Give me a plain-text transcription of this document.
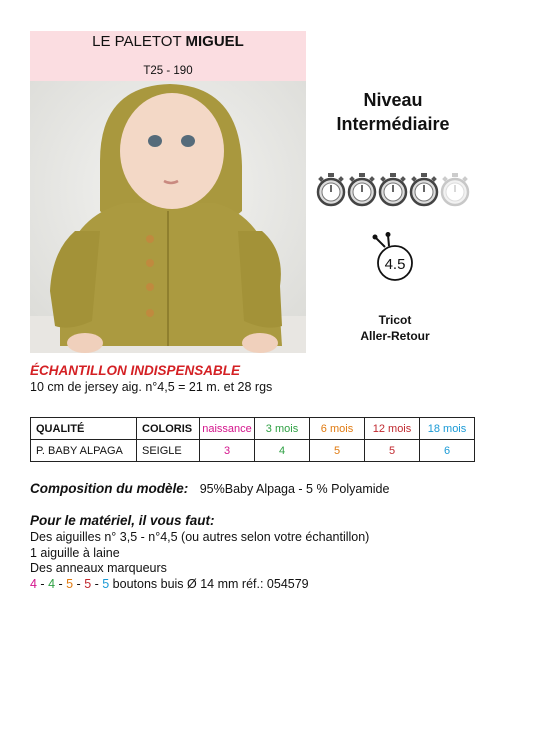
LE PALETOT MIGUEL
T25 - 190
Niveau
Intermédiaire
4.5
Tricot
Aller-Retour
ÉCHANTILLON INDISPENSABLE
10 cm de jersey aig. n°4,5 = 21 m. et 28 rgs
QUALITÉ	COLORIS	naissance	3 mois	6 mois	12 mois	18 mois
P. BABY ALPAGA	SEIGLE	3	4	5	5	6
Composition du modèle: 95%Baby Alpaga - 5 % Polyamide
Pour le matériel, il vous faut:
Des aiguilles n° 3,5 - n°4,5 (ou autres selon votre échantillon)
1 aiguille à laine
Des anneaux marqueurs
4 - 4 - 5 - 5 - 5 boutons buis Ø 14 mm réf.: 054579
